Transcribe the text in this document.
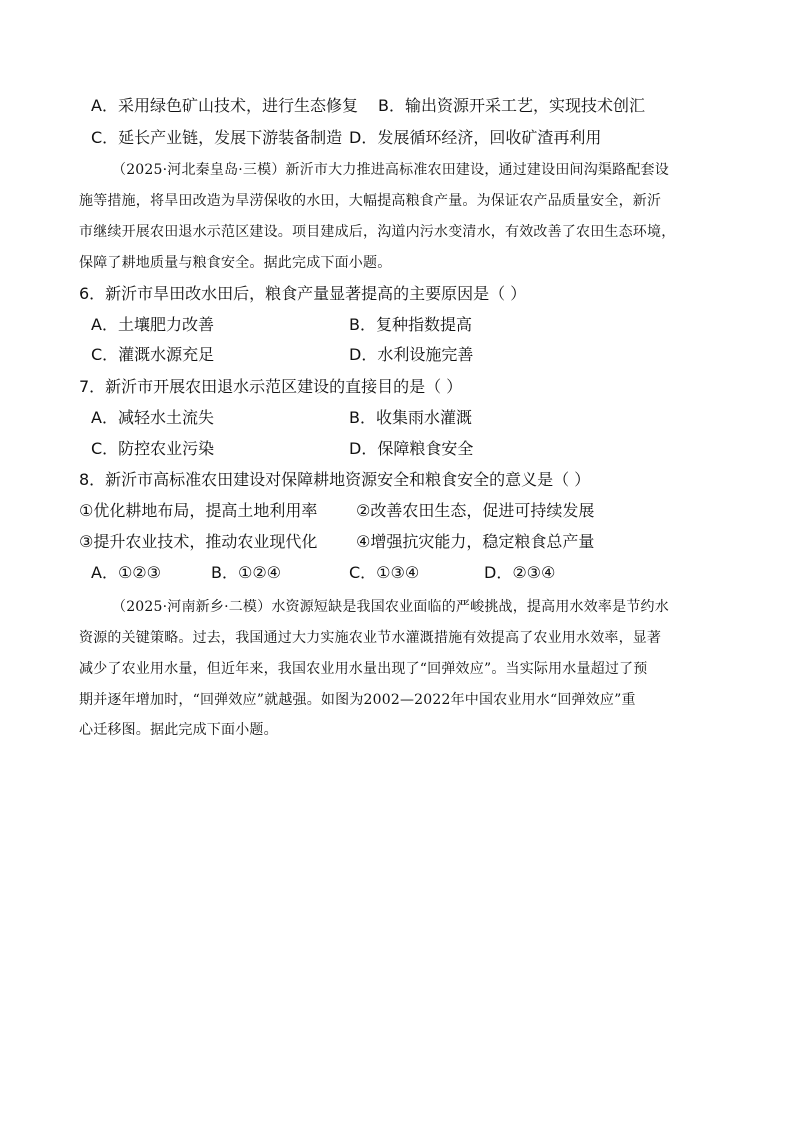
A．采用绿色矿山技术，进行生态修复 B．输出资源开采工艺，实现技术创汇
C．延长产业链，发展下游装备制造 D．发展循环经济，回收矿渣再利用
（2025·河北秦皇岛·三模）新沂市大力推进高标准农田建设，通过建设田间沟渠路配套设
施等措施，将旱田改造为旱涝保收的水田，大幅提高粮食产量。为保证农产品质量安全，新沂
市继续开展农田退水示范区建设。项目建成后，沟道内污水变清水，有效改善了农田生态环境，
保障了耕地质量与粮食安全。据此完成下面小题。
6．新沂市旱田改水田后，粮食产量显著提高的主要原因是（ ）
A．土壤肥力改善	B．复种指数提高
C．灌溉水源充足	D．水利设施完善
7．新沂市开展农田退水示范区建设的直接目的是（ ）
A．减轻水土流失	B．收集雨水灌溉
C．防控农业污染	D．保障粮食安全
8．新沂市高标准农田建设对保障耕地资源安全和粮食安全的意义是（ ）
①优化耕地布局，提高土地利用率 ②改善农田生态，促进可持续发展
③提升农业技术，推动农业现代化 ④增强抗灾能力，稳定粮食总产量
A．①②③	B．①②④	C．①③④	D．②③④
（2025·河南新乡·二模）水资源短缺是我国农业面临的严峻挑战，提高用水效率是节约水
资源的关键策略。过去，我国通过大力实施农业节水灌溉措施有效提高了农业用水效率，显著
减少了农业用水量，但近年来，我国农业用水量出现了“回弹效应”。当实际用水量超过了预
期并逐年增加时，“回弹效应”就越强。如图为2002—2022年中国农业用水“回弹效应”重
心迁移图。据此完成下面小题。
